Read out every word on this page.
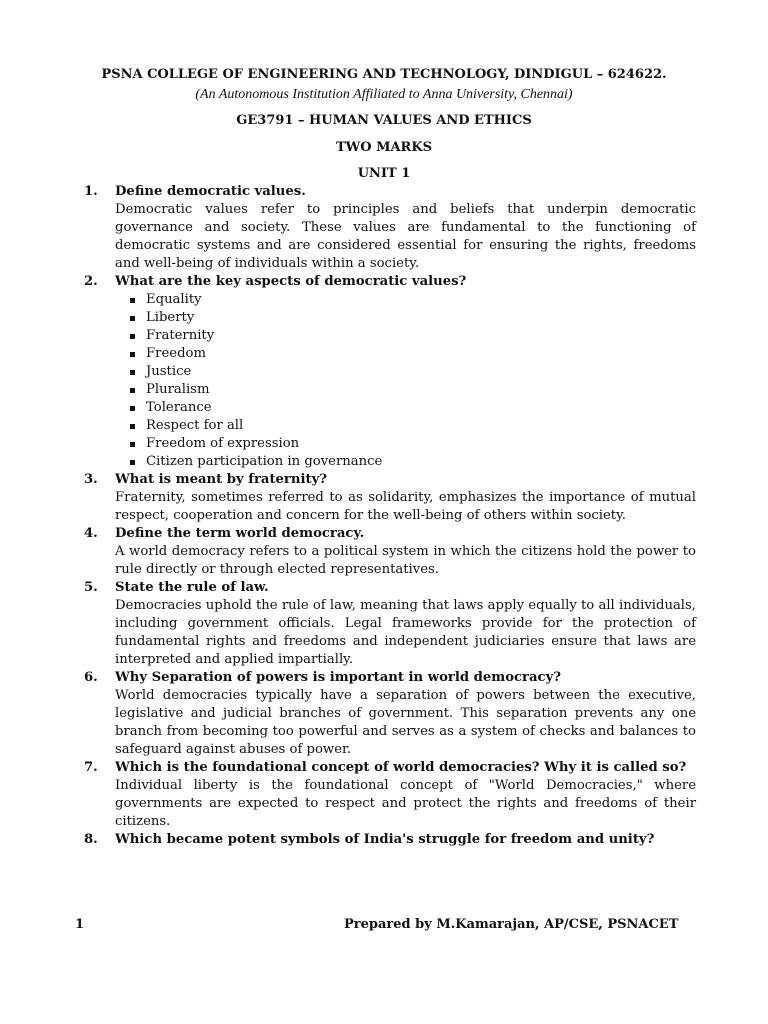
PSNA COLLEGE OF ENGINEERING AND TECHNOLOGY, DINDIGUL – 624622.
(An Autonomous Institution Affiliated to Anna University, Chennai)
GE3791 – HUMAN VALUES AND ETHICS
TWO MARKS
UNIT 1
1.	Define democratic values.
Democratic values refer to principles and beliefs that underpin democratic governance and society. These values are fundamental to the functioning of democratic systems and are considered essential for ensuring the rights, freedoms and well-being of individuals within a society.
2.	What are the key aspects of democratic values?
Equality
Liberty
Fraternity
Freedom
Justice
Pluralism
Tolerance
Respect for all
Freedom of expression
Citizen participation in governance
3.	What is meant by fraternity?
Fraternity, sometimes referred to as solidarity, emphasizes the importance of mutual respect, cooperation and concern for the well-being of others within society.
4.	Define the term world democracy.
A world democracy refers to a political system in which the citizens hold the power to rule directly or through elected representatives.
5.	State the rule of law.
Democracies uphold the rule of law, meaning that laws apply equally to all individuals, including government officials. Legal frameworks provide for the protection of fundamental rights and freedoms and independent judiciaries ensure that laws are interpreted and applied impartially.
6.	Why Separation of powers is important in world democracy?
World democracies typically have a separation of powers between the executive, legislative and judicial branches of government. This separation prevents any one branch from becoming too powerful and serves as a system of checks and balances to safeguard against abuses of power.
7.	Which is the foundational concept of world democracies? Why it is called so?
Individual liberty is the foundational concept of "World Democracies," where governments are expected to respect and protect the rights and freedoms of their citizens.
8.	Which became potent symbols of India's struggle for freedom and unity?
1	Prepared by M.Kamarajan, AP/CSE, PSNACET
